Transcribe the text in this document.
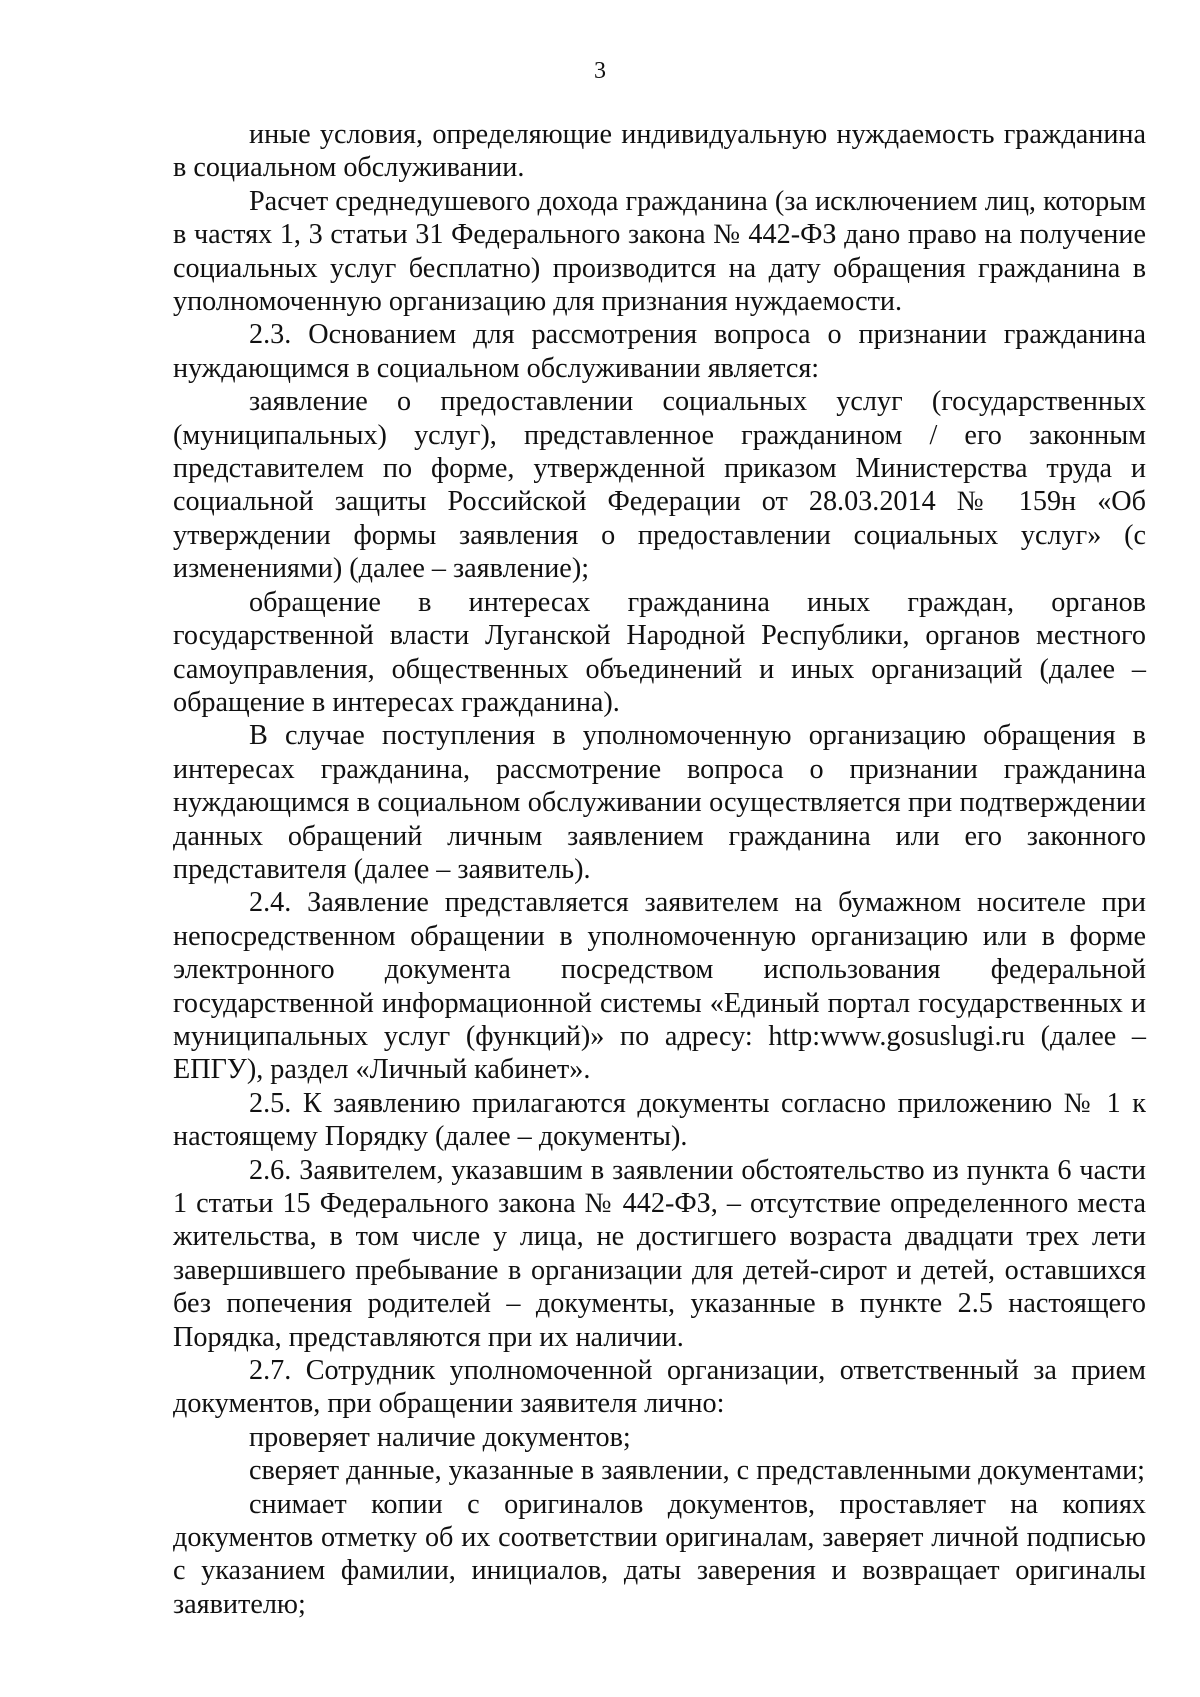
3

иные условия, определяющие индивидуальную нуждаемость гражданина в социальном обслуживании.

Расчет среднедушевого дохода гражданина (за исключением лиц, которым в частях 1, 3 статьи 31 Федерального закона № 442-ФЗ дано право на получение социальных услуг бесплатно) производится на дату обращения гражданина в уполномоченную организацию для признания нуждаемости.

2.3. Основанием для рассмотрения вопроса о признании гражданина нуждающимся в социальном обслуживании является:

заявление о предоставлении социальных услуг (государственных (муниципальных) услуг), представленное гражданином / его законным представителем по форме, утвержденной приказом Министерства труда и социальной защиты Российской Федерации от 28.03.2014 № 159н «Об утверждении формы заявления о предоставлении социальных услуг» (с изменениями) (далее – заявление);

обращение в интересах гражданина иных граждан, органов государственной власти Луганской Народной Республики, органов местного самоуправления, общественных объединений и иных организаций (далее – обращение в интересах гражданина).

В случае поступления в уполномоченную организацию обращения в интересах гражданина, рассмотрение вопроса о признании гражданина нуждающимся в социальном обслуживании осуществляется при подтверждении данных обращений личным заявлением гражданина или его законного представителя (далее – заявитель).

2.4. Заявление представляется заявителем на бумажном носителе при непосредственном обращении в уполномоченную организацию или в форме электронного документа посредством использования федеральной государственной информационной системы «Единый портал государственных и муниципальных услуг (функций)» по адресу: http:www.gosuslugi.ru (далее – ЕПГУ), раздел «Личный кабинет».

2.5. К заявлению прилагаются документы согласно приложению № 1 к настоящему Порядку (далее – документы).

2.6. Заявителем, указавшим в заявлении обстоятельство из пункта 6 части 1 статьи 15 Федерального закона № 442-ФЗ, – отсутствие определенного места жительства, в том числе у лица, не достигшего возраста двадцати трех лети завершившего пребывание в организации для детей-сирот и детей, оставшихся без попечения родителей – документы, указанные в пункте 2.5 настоящего Порядка, представляются при их наличии.

2.7. Сотрудник уполномоченной организации, ответственный за прием документов, при обращении заявителя лично:

проверяет наличие документов;

сверяет данные, указанные в заявлении, с представленными документами;

снимает копии с оригиналов документов, проставляет на копиях документов отметку об их соответствии оригиналам, заверяет личной подписью с указанием фамилии, инициалов, даты заверения и возвращает оригиналы заявителю;
